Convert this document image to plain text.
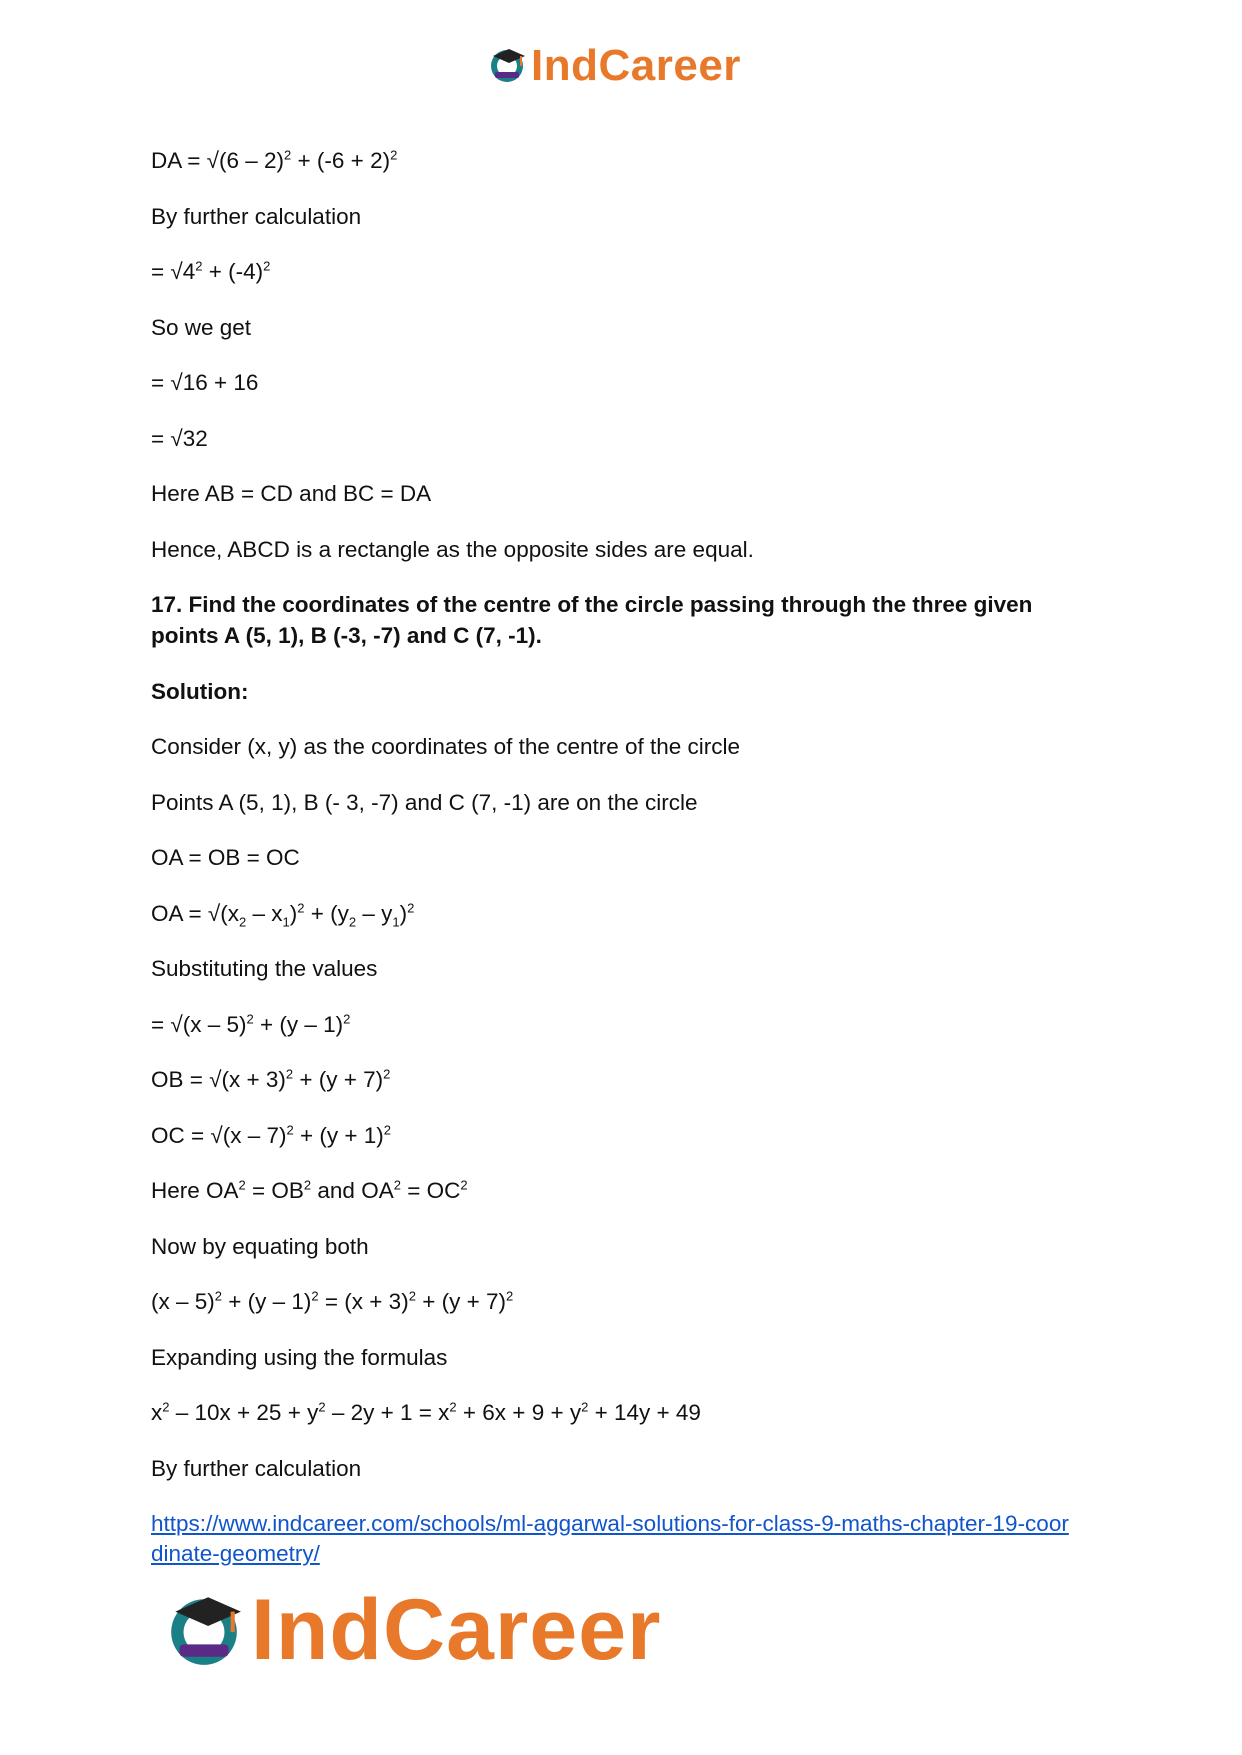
IndCareer
DA = $√(6 - 2)^2 + (-6 + 2)^2$
By further calculation
= $√4^2 + (-4)^2$
So we get
= √16 + 16
= √32
Here AB = CD and BC = DA
Hence, ABCD is a rectangle as the opposite sides are equal.
17. Find the coordinates of the centre of the circle passing through the three given
points A (5, 1), B (-3, -7) and C (7, -1).
Solution:
Consider (x, y) as the coordinates of the centre of the circle
Points A (5, 1), B (- 3, -7) and C (7, -1) are on the circle
OA = OB = OC
OA = $√(x_2 - x_1)^2 + (y_2 - y_1)^2$
Substituting the values
= √(x – 5)$^2$ + (y – 1)$^2$
OB = $√(x + 3)^2 + (y + 7)^2$
OC = $√(x - 7)^2 + (y + 1)^2$
Here $OA^2 = OB^2$ and $OA^2 = OC^2$
Now by equating both
$(x - 5)^2 + (y - 1)^2 = (x + 3)^2 + (y + 7)^2$
Expanding using the formulas
$x^2 - 10x + 25 + y^2 - 2y + 1 = x^2 + 6x + 9 + y^2 + 14y + 49$
By further calculation
https://www.indcareer.com/schools/ml-aggarwal-solutions-for-class-9-maths-chapter-19-coor
dinate-geometry/
IndCareer
